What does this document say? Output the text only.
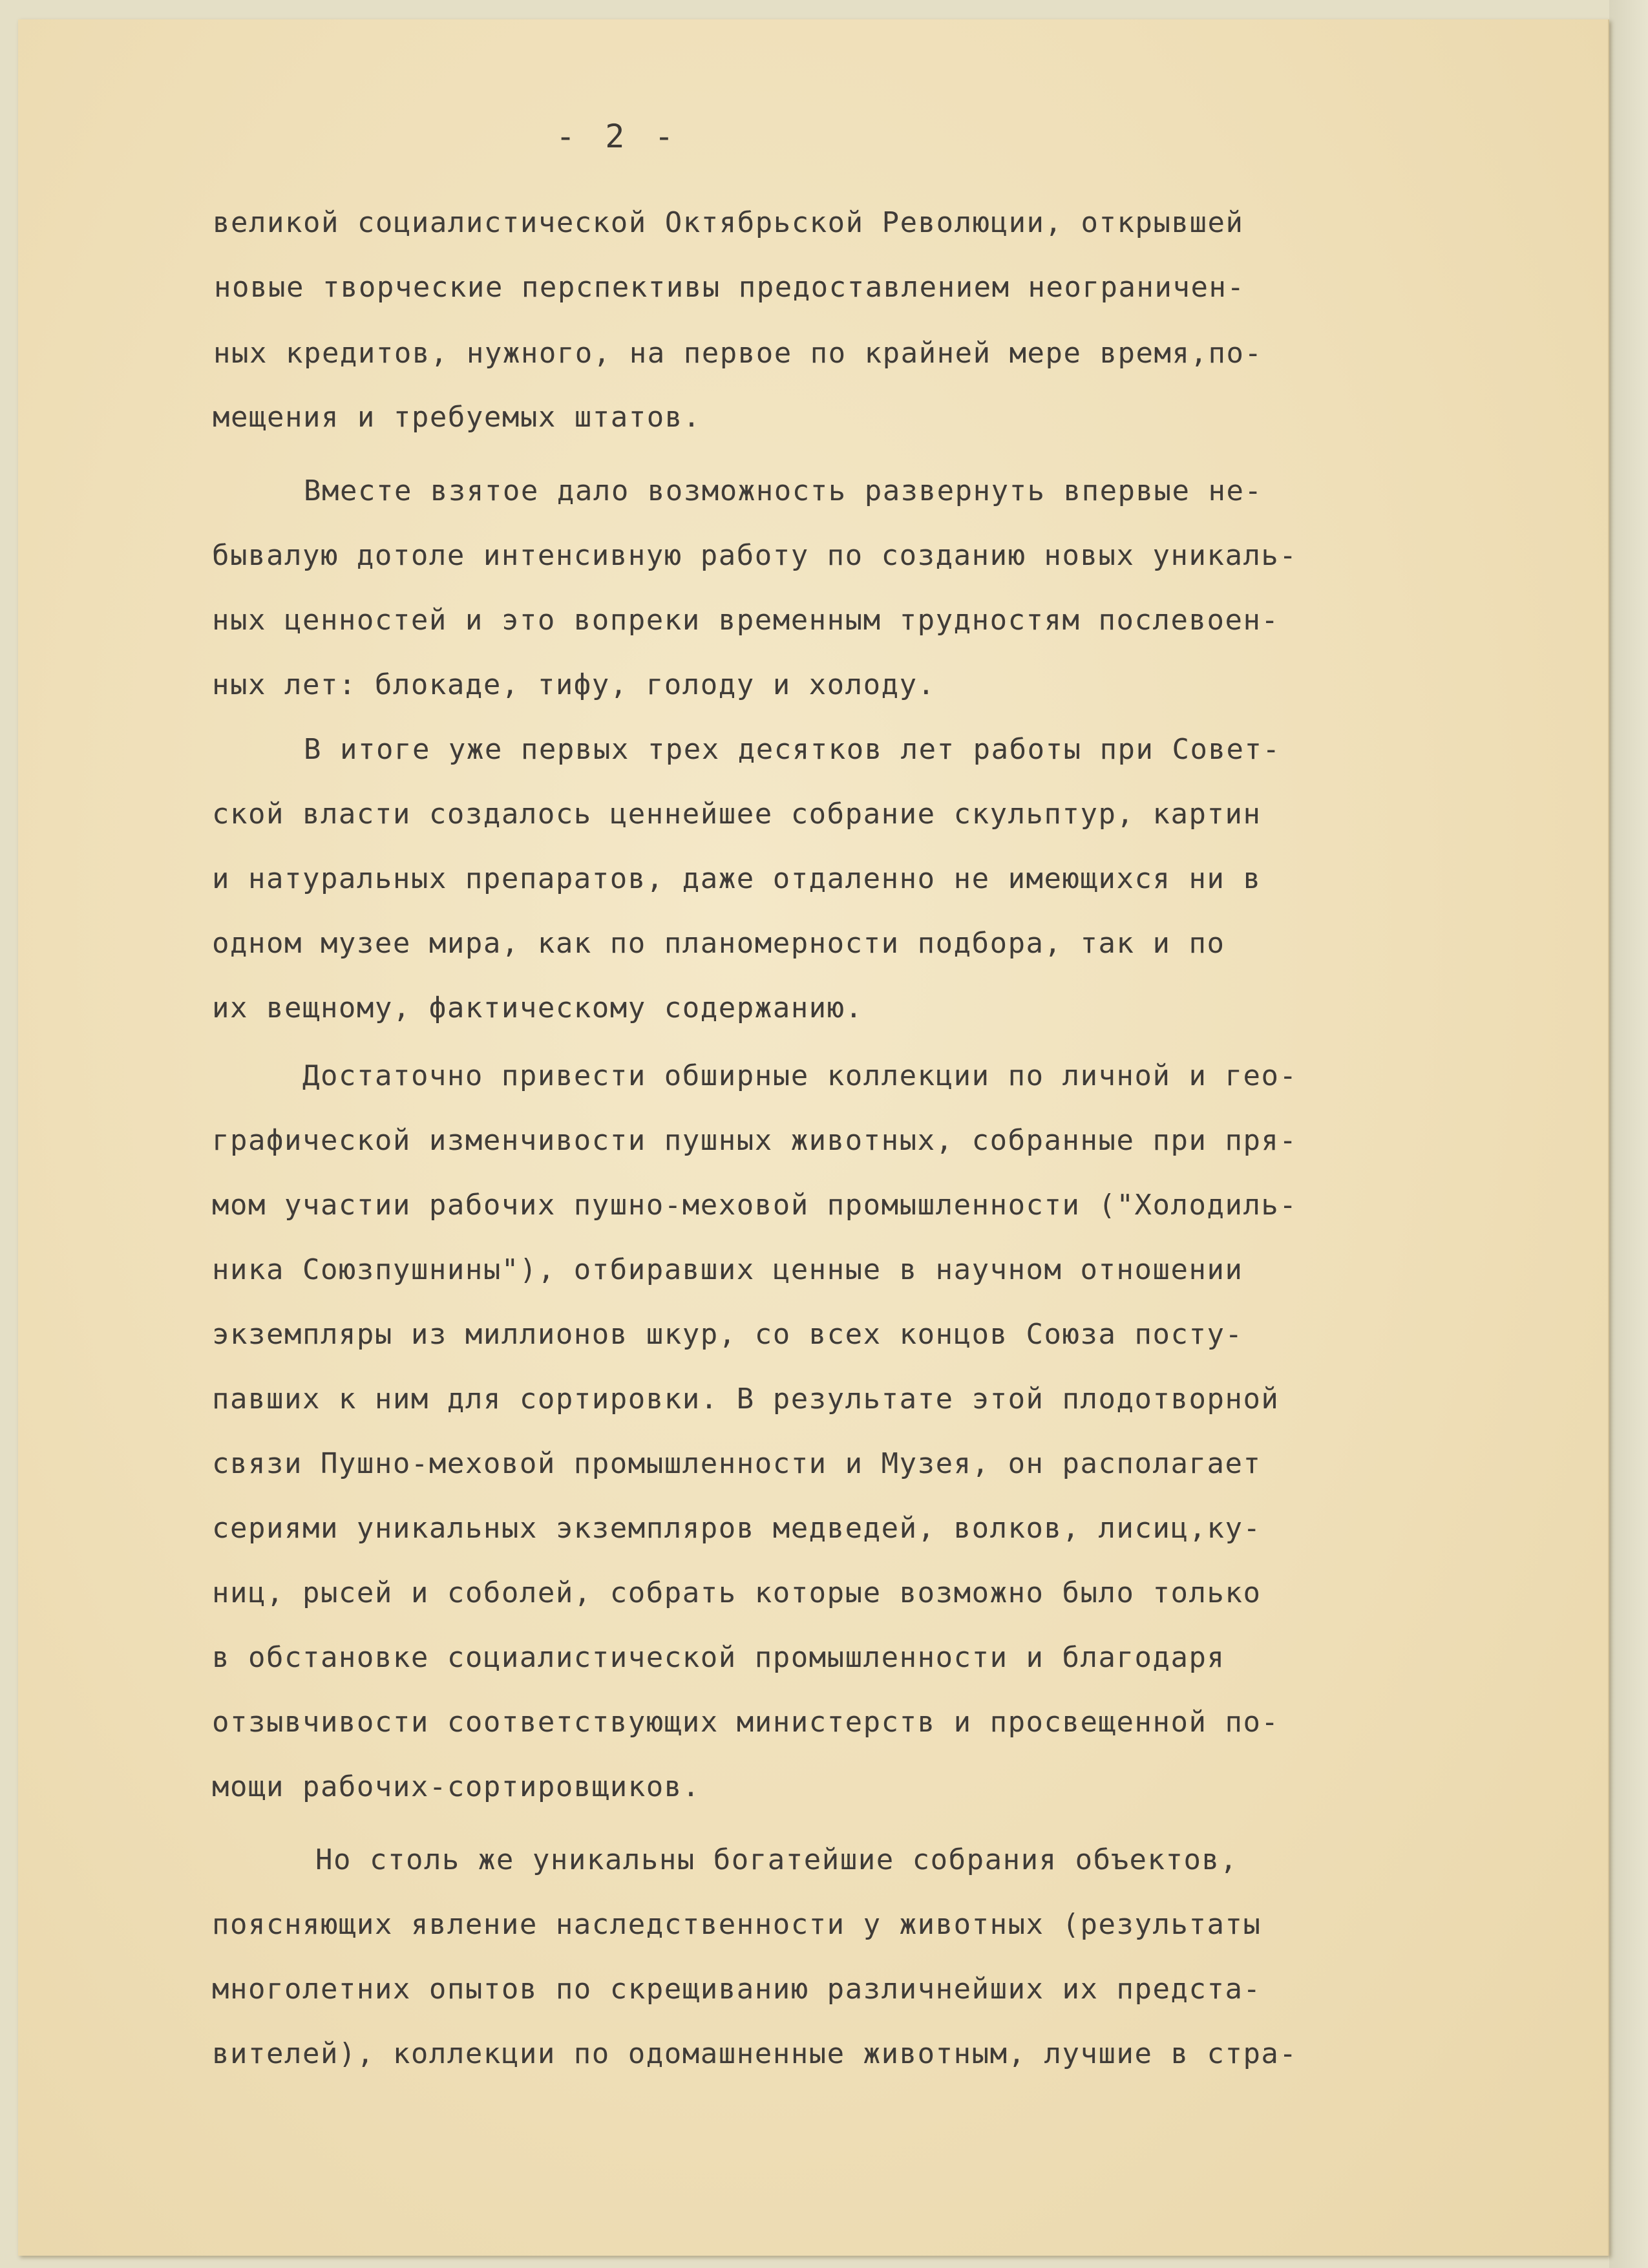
- 2 -
великой социалистической Октябрьской Революции, открывшей
новые творческие перспективы предоставлением неограничен-
ных кредитов, нужного, на первое по крайней мере время,по-
мещения и требуемых штатов.
Вместе взятое дало возможность развернуть впервые не-
бывалую дотоле интенсивную работу по созданию новых уникаль-
ных ценностей и это вопреки временным трудностям послевоен-
ных лет: блокаде, тифу, голоду и холоду.
В итоге уже первых трех десятков лет работы при Совет-
ской власти создалось ценнейшее собрание скульптур, картин
и натуральных препаратов, даже отдаленно не имеющихся ни в
одном музее мира, как по планомерности подбора, так и по
их вещному, фактическому содержанию.
Достаточно привести обширные коллекции по личной и гео-
графической изменчивости пушных животных, собранные при пря-
мом участии рабочих пушно-меховой промышленности ("Холодиль-
ника Союзпушнины"), отбиравших ценные в научном отношении
экземпляры из миллионов шкур, со всех концов Союза посту-
павших к ним для сортировки. В результате этой плодотворной
связи Пушно-меховой промышленности и Музея, он располагает
сериями уникальных экземпляров медведей, волков, лисиц,ку-
ниц, рысей и соболей, собрать которые возможно было только
в обстановке социалистической промышленности и благодаря
отзывчивости соответствующих министерств и просвещенной по-
мощи рабочих-сортировщиков.
Но столь же уникальны богатейшие собрания объектов,
поясняющих явление наследственности у животных (результаты
многолетних опытов по скрещиванию различнейших их предста-
вителей), коллекции по одомашненные животным, лучшие в стра-
